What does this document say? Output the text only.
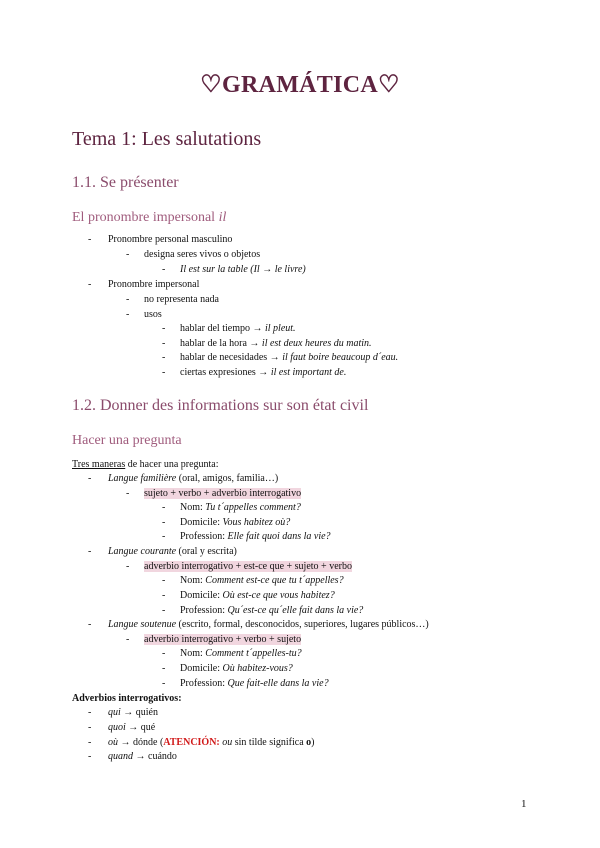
♡GRAMÁTICA♡
Tema 1: Les salutations
1.1. Se présenter
El pronombre impersonal il
- Pronombre personal masculino
- designa seres vivos o objetos
- Il est sur la table (Il → le livre)
- Pronombre impersonal
- no representa nada
- usos
- hablar del tiempo → il pleut.
- hablar de la hora → il est deux heures du matin.
- hablar de necesidades → il faut boire beaucoup d´eau.
- ciertas expresiones → il est important de.
1.2. Donner des informations sur son état civil
Hacer una pregunta
Tres maneras de hacer una pregunta:
- Langue familière (oral, amigos, familia…)
- sujeto + verbo + adverbio interrogativo
- Nom: Tu t´appelles comment?
- Domicile: Vous habitez où?
- Profession: Elle fait quoi dans la vie?
- Langue courante (oral y escrita)
- adverbio interrogativo + est-ce que + sujeto + verbo
- Nom: Comment est-ce que tu t´appelles?
- Domicile: Où est-ce que vous habitez?
- Profession: Qu´est-ce qu´elle fait dans la vie?
- Langue soutenue (escrito, formal, desconocidos, superiores, lugares públicos…)
- adverbio interrogativo + verbo + sujeto
- Nom: Comment t´appelles-tu?
- Domicile: Où habitez-vous?
- Profession: Que fait-elle dans la vie?
Adverbios interrogativos:
- qui → quién
- quoi → qué
- où → dónde (ATENCIÓN: ou sin tilde significa o)
- quand → cuándo
1
